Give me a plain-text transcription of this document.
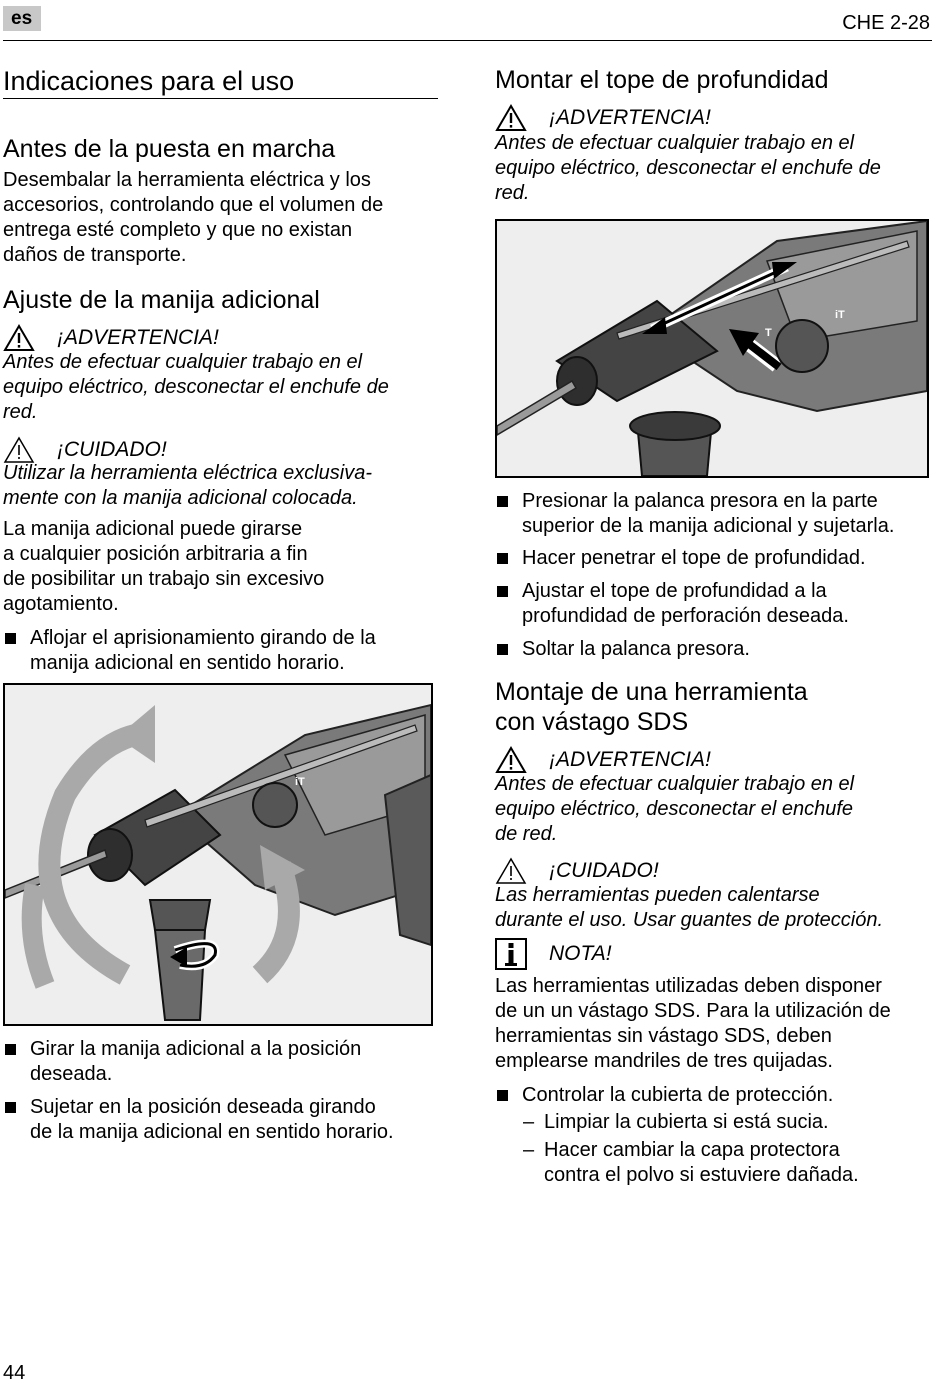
es	CHE 2-28
Indicaciones para el uso
Antes de la puesta en marcha
Desembalar la herramienta eléctrica y los
accesorios, controlando que el volumen de
entrega esté completo y que no existan
daños de transporte.
Ajuste de la manija adicional
¡ADVERTENCIA!
Antes de efectuar cualquier trabajo en el
equipo eléctrico, desconectar el enchufe de
red.
¡CUIDADO!
Utilizar la herramienta eléctrica exclusiva-
mente con la manija adicional colocada.
La manija adicional puede girarse
a cualquier posición arbitraria a fin
de posibilitar un trabajo sin excesivo
agotamiento.
Aflojar el aprisionamiento girando de la
manija adicional en sentido horario.
iT
Girar la manija adicional a la posición
deseada.
Sujetar en la posición deseada girando
de la manija adicional en sentido horario.
Montar el tope de profundidad
¡ADVERTENCIA!
Antes de efectuar cualquier trabajo en el
equipo eléctrico, desconectar el enchufe de
red.
T
iT
Presionar la palanca presora en la parte
superior de la manija adicional y sujetarla.
Hacer penetrar el tope de profundidad.
Ajustar el tope de profundidad a la
profundidad de perforación deseada.
Soltar la palanca presora.
Montaje de una herramienta
con vástago SDS
¡ADVERTENCIA!
Antes de efectuar cualquier trabajo en el
equipo eléctrico, desconectar el enchufe
de red.
¡CUIDADO!
Las herramientas pueden calentarse
durante el uso. Usar guantes de protección.
NOTA!
Las herramientas utilizadas deben disponer
de un un vástago SDS. Para la utilización de
herramientas sin vástago SDS, deben
emplearse mandriles de tres quijadas.
Controlar la cubierta de protección.
– Limpiar la cubierta si está sucia.
– Hacer cambiar la capa protectora
contra el polvo si estuviere dañada.
44
